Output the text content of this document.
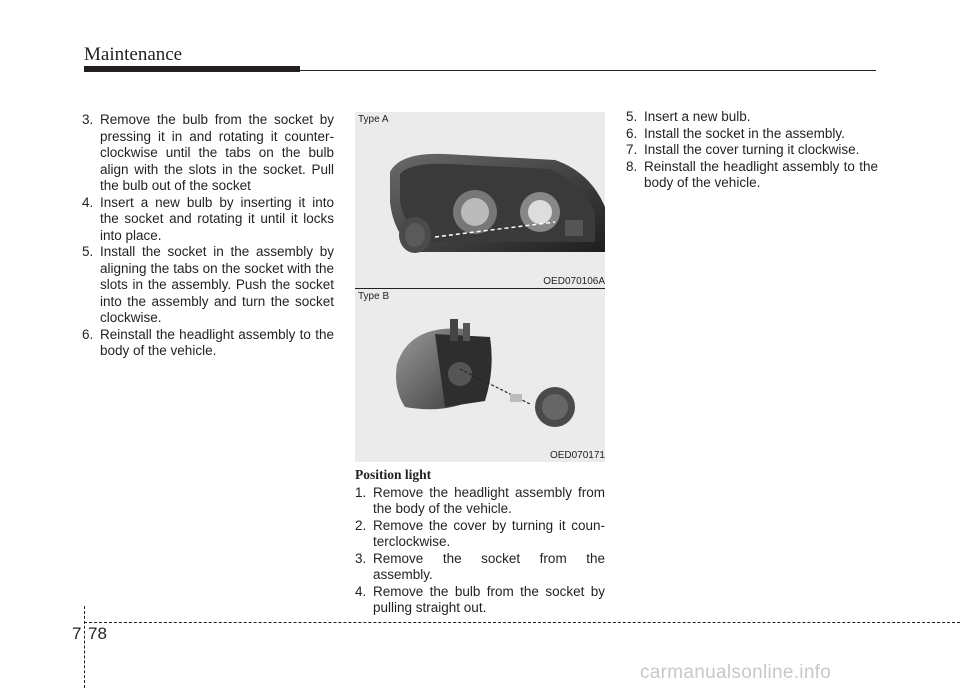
Maintenance
3. Remove the bulb from the socket by pressing it in and rotating it counter-clockwise until the tabs on the bulb align with the slots in the socket. Pull the bulb out of the socket
4. Insert a new bulb by inserting it into the socket and rotating it until it locks into place.
5. Install the socket in the assembly by aligning the tabs on the socket with the slots in the assembly. Push the socket into the assembly and turn the socket clockwise.
6. Reinstall the headlight assembly to the body of the vehicle.
Type A
OED070106A
Type B
OED070171
Position light
1. Remove the headlight assembly from the body of the vehicle.
2. Remove the cover by turning it coun-terclockwise.
3. Remove the socket from the assembly.
4. Remove the bulb from the socket by pulling straight out.
5. Insert a new bulb.
6. Install the socket in the assembly.
7. Install the cover turning it clockwise.
8. Reinstall the headlight assembly to the body of the vehicle.
7 78
carmanualsonline.info
